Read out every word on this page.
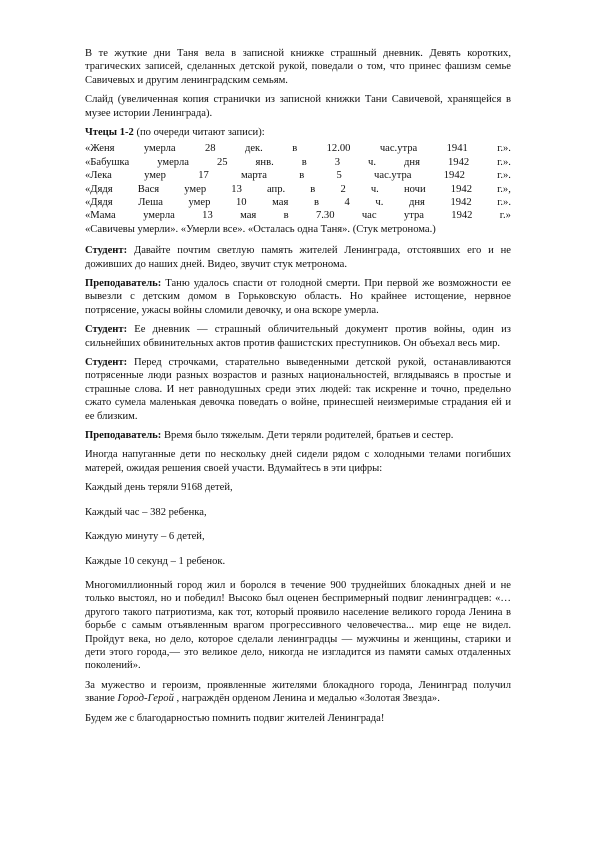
В те жуткие дни Таня вела в записной книжке страшный дневник. Девять коротких, трагических записей, сделанных детской рукой, поведали о том, что принес фашизм семье Савичевых и другим ленинградским семьям.

Слайд (увеличенная копия странички из записной книжки Тани Савичевой, хранящейся в музее истории Ленинграда).

Чтецы 1-2 (по очереди читают записи):

«Женя	умерла	28	дек.	в	12.00	час.утра	1941	г.».
«Бабушка	умерла	25	янв.	в	3	ч.	дня	1942	г.».
«Лека	умер	17	марта	в	5	час.утра	1942	г.».
«Дядя Вася умер 13 апр. в 2 ч. ночи 1942 г.»,
«Дядя Леша умер 10 мая в 4 ч. дня 1942 г.».
«Мама	умерла	13	мая	в	7.30	час	утра	1942	г.»

«Савичевы умерли». «Умерли все». «Осталась одна Таня». (Стук метронома.)

Студент: Давайте почтим светлую память жителей Ленинграда, отстоявших его и не доживших до наших дней. Видео, звучит стук метронома.

Преподаватель: Таню удалось спасти от голодной смерти. При первой же возможности ее вывезли с детским домом в Горьковскую область. Но крайнее истощение, нервное потрясение, ужасы войны сломили девочку, и она вскоре умерла.

Студент: Ее дневник — страшный обличительный документ против войны, один из сильнейших обвинительных актов против фашистских преступников. Он объехал весь мир.

Студент: Перед строчками, старательно выведенными детской рукой, останавливаются потрясенные люди разных возрастов и разных национальностей, вглядываясь в простые и страшные слова. И нет равнодушных среди этих людей: так искренне и точно, предельно сжато сумела маленькая девочка поведать о войне, принесшей неизмеримые страдания ей и ее близким.

Преподаватель: Время было тяжелым. Дети теряли родителей, братьев и сестер.

Иногда напуганные дети по нескольку дней сидели рядом с холодными телами погибших матерей, ожидая решения своей участи. Вдумайтесь в эти цифры:

Каждый день теряли 9168 детей,

Каждый час – 382 ребенка,

Каждую минуту – 6 детей,

Каждые 10 секунд – 1 ребенок.

Многомиллионный город жил и боролся в течение 900 труднейших блокадных дней и не только выстоял, но и победил! Высоко был оценен беспримерный подвиг ленинградцев: «…другого такого патриотизма, как тот, который проявило население великого города Ленина в борьбе с самым отъявленным врагом прогрессивного человечества... мир еще не видел. Пройдут века, но дело, которое сделали ленинградцы — мужчины и женщины, старики и дети этого города,— это великое дело, никогда не изгладится из памяти самых отдаленных поколений».

За мужество и героизм, проявленные жителями блокадного города, Ленинград получил звание Город-Герой , награждён орденом Ленина и медалью «Золотая Звезда».

Будем же с благодарностью помнить подвиг жителей Ленинграда!
